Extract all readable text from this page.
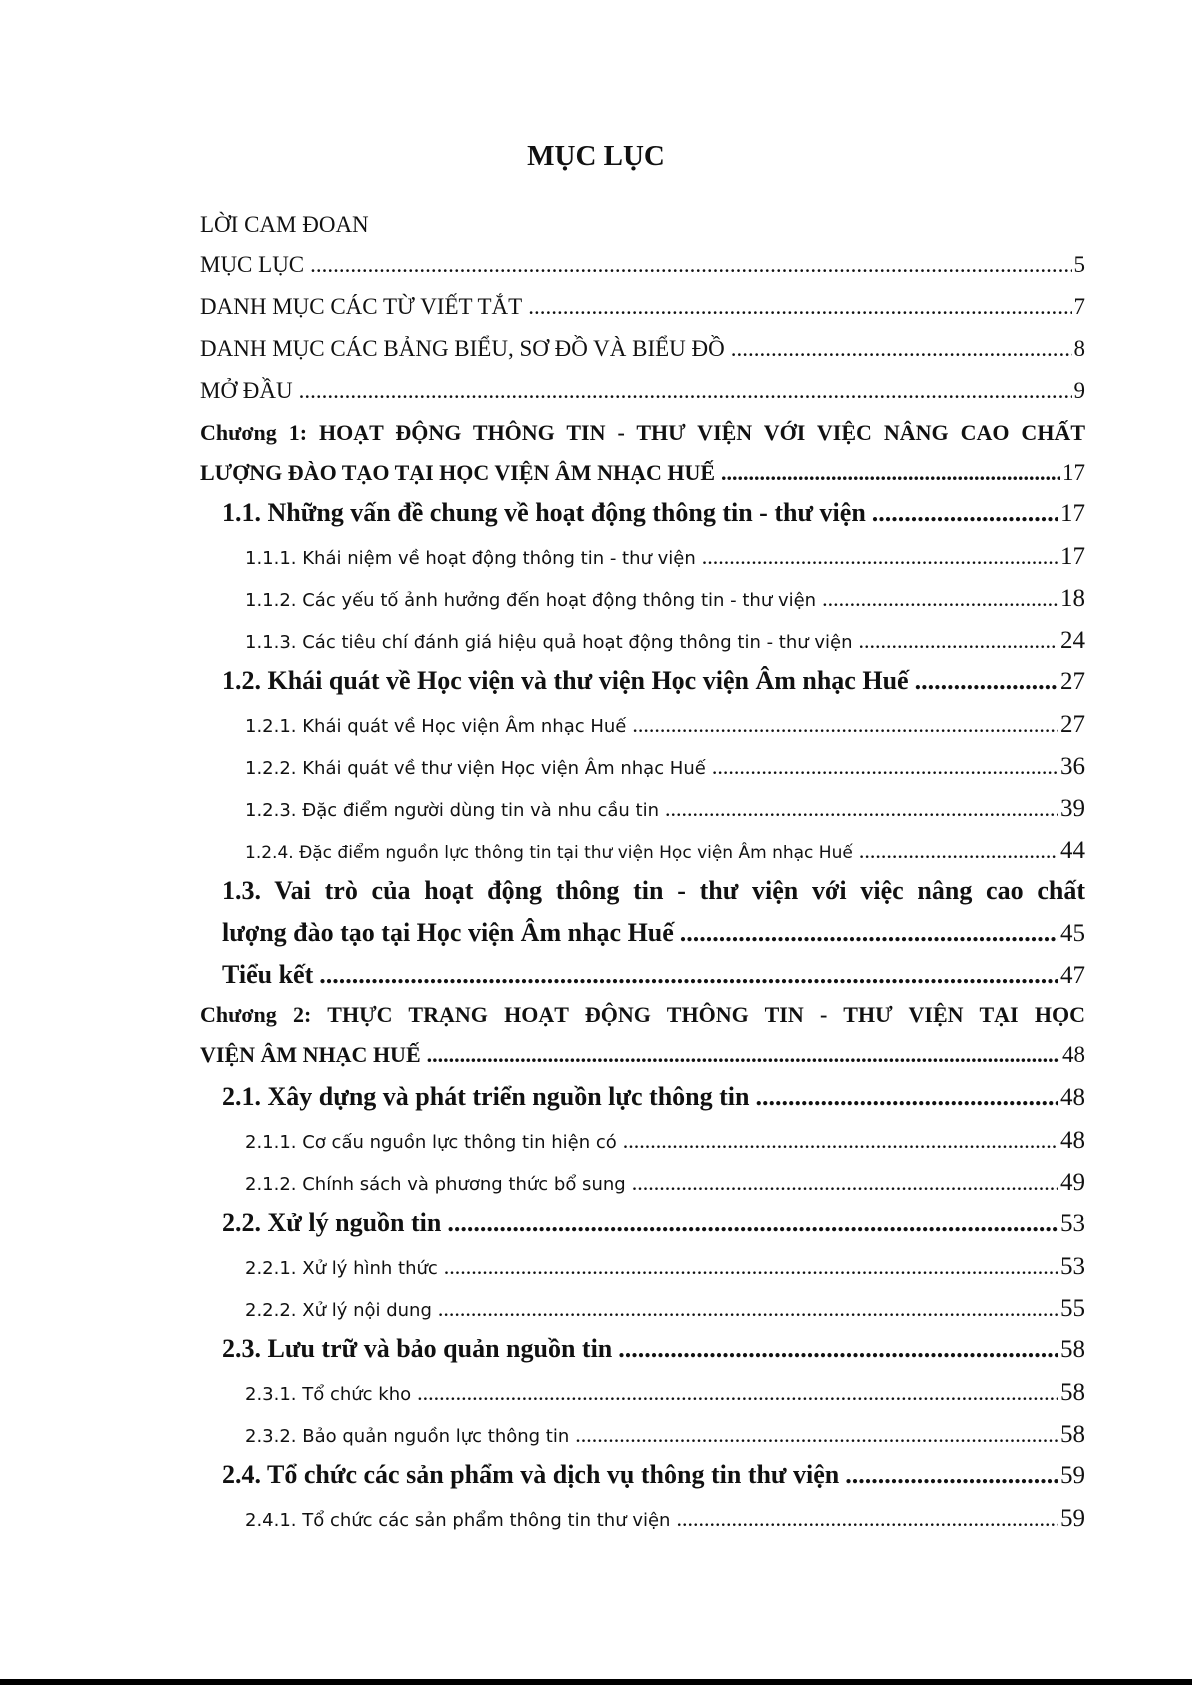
MỤC LỤC
LỜI CAM ĐOAN
MỤC LỤC .....	5
DANH MỤC CÁC TỪ VIẾT TẮT .....	7
DANH MỤC CÁC BẢNG BIỂU, SƠ ĐỒ VÀ BIỂU ĐỒ .....	8
MỞ ĐẦU .....	9
Chương 1: HOẠT ĐỘNG THÔNG TIN - THƯ VIỆN VỚI VIỆC NÂNG CAO CHẤT
LƯỢNG ĐÀO TẠO TẠI HỌC VIỆN ÂM NHẠC HUẾ .....	17
1.1. Những vấn đề chung về hoạt động thông tin - thư viện .....	17
1.1.1. Khái niệm về hoạt động thông tin - thư viện .....	17
1.1.2. Các yếu tố ảnh hưởng đến hoạt động thông tin - thư viện .....	18
1.1.3. Các tiêu chí đánh giá hiệu quả hoạt động thông tin - thư viện .....	24
1.2. Khái quát về Học viện và thư viện Học viện Âm nhạc Huế .....	27
1.2.1. Khái quát về Học viện Âm nhạc Huế .....	27
1.2.2. Khái quát về thư viện Học viện Âm nhạc Huế .....	36
1.2.3. Đặc điểm người dùng tin và nhu cầu tin .....	39
1.2.4. Đặc điểm nguồn lực thông tin tại thư viện Học viện Âm nhạc Huế .....	44
1.3. Vai trò của hoạt động thông tin - thư viện với việc nâng cao chất
lượng đào tạo tại Học viện Âm nhạc Huế .....	45
Tiểu kết .....	47
Chương 2: THỰC TRẠNG HOẠT ĐỘNG THÔNG TIN - THƯ VIỆN TẠI HỌC
VIỆN ÂM NHẠC HUẾ .....	48
2.1. Xây dựng và phát triển nguồn lực thông tin .....	48
2.1.1. Cơ cấu nguồn lực thông tin hiện có .....	48
2.1.2. Chính sách và phương thức bổ sung .....	49
2.2. Xử lý nguồn tin .....	53
2.2.1. Xử lý hình thức .....	53
2.2.2. Xử lý nội dung .....	55
2.3. Lưu trữ và bảo quản nguồn tin .....	58
2.3.1. Tổ chức kho .....	58
2.3.2. Bảo quản nguồn lực thông tin .....	58
2.4. Tổ chức các sản phẩm và dịch vụ thông tin thư viện .....	59
2.4.1. Tổ chức các sản phẩm thông tin thư viện .....	59
